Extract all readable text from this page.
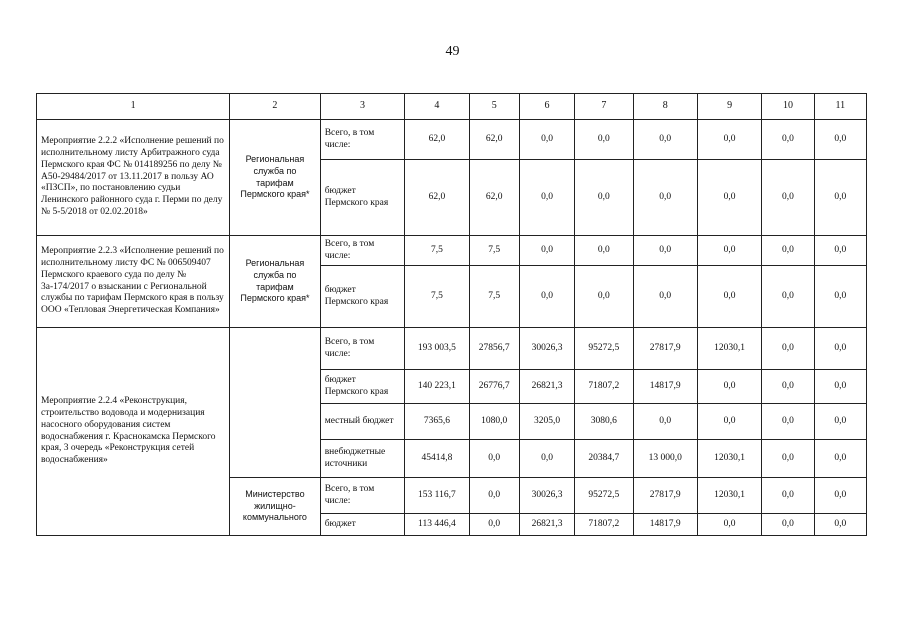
49
1	2	3	4	5	6	7	8	9	10	11
Мероприятие 2.2.2 «Исполнение решений по исполнительному листу Арбитражного суда Пермского края ФС № 014189256 по делу № А50-29484/2017 от 13.11.2017 в пользу АО «ПЗСП», по постановлению судьи Ленинского районного суда г. Перми по делу № 5-5/2018 от 02.02.2018»	Региональная служба по тарифам Пермского края*	Всего, в том числе:	62,0	62,0	0,0	0,0	0,0	0,0	0,0	0,0
		бюджет Пермского края	62,0	62,0	0,0	0,0	0,0	0,0	0,0	0,0
Мероприятие 2.2.3 «Исполнение решений по исполнительному листу ФС № 006509407 Пермского краевого суда по делу № 3а-174/2017 о взыскании с Региональной службы по тарифам Пермского края в пользу ООО «Тепловая Энергетическая Компания»	Региональная служба по тарифам Пермского края*	Всего, в том числе:	7,5	7,5	0,0	0,0	0,0	0,0	0,0	0,0
		бюджет Пермского края	7,5	7,5	0,0	0,0	0,0	0,0	0,0	0,0
Мероприятие 2.2.4 «Реконструкция, строительство водовода и модернизация насосного оборудования систем водоснабжения г. Краснокамска Пермского края, 3 очередь «Реконструкция сетей водоснабжения»		Всего, в том числе:	193 003,5	27856,7	30026,3	95272,5	27817,9	12030,1	0,0	0,0
		бюджет Пермского края	140 223,1	26776,7	26821,3	71807,2	14817,9	0,0	0,0	0,0
		местный бюджет	7365,6	1080,0	3205,0	3080,6	0,0	0,0	0,0	0,0
		внебюджетные источники	45414,8	0,0	0,0	20384,7	13 000,0	12030,1	0,0	0,0
	Министерство жилищно-коммунального	Всего, в том числе:	153 116,7	0,0	30026,3	95272,5	27817,9	12030,1	0,0	0,0
		бюджет	113 446,4	0,0	26821,3	71807,2	14817,9	0,0	0,0	0,0
